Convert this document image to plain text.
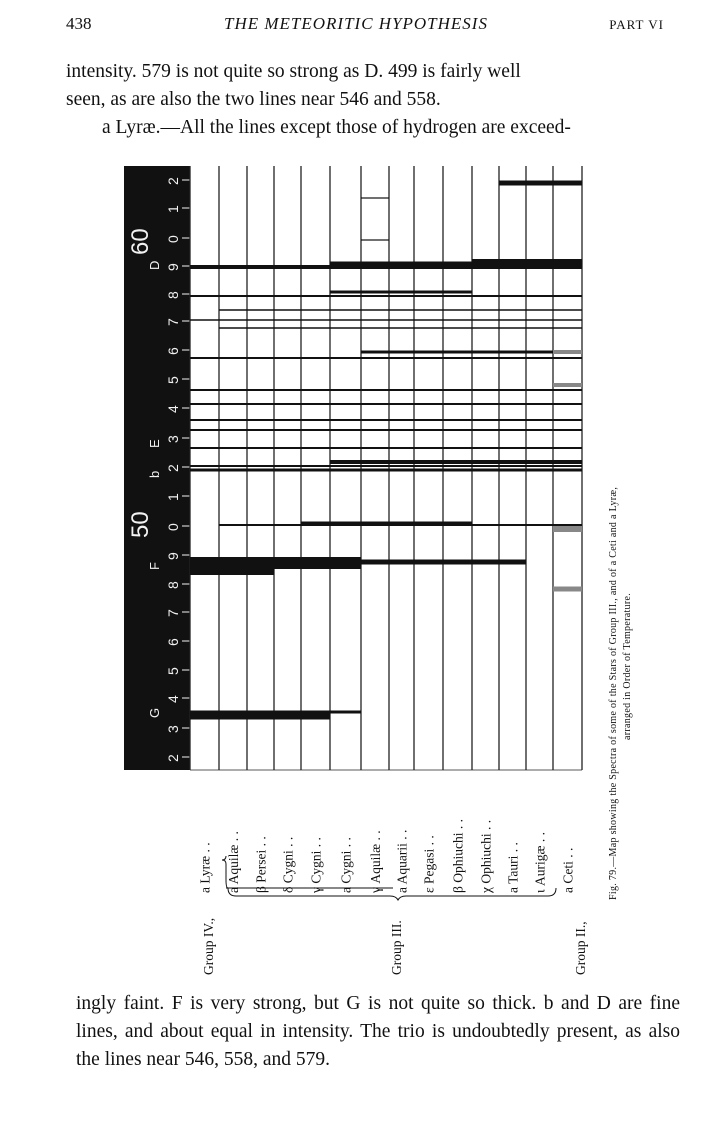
438	THE METEORITIC HYPOTHESIS	PART VI
intensity. 579 is not quite so strong as D. 499 is fairly well
seen, as are also the two lines near 546 and 558.
a Lyræ.—All the lines except those of hydrogen are exceed-
2
3
4
5
6
7
8
9
0
1
2
3
4
5
6
7
8
9
0
1
2
50
60
G
F
b
E
D
a Lyræ . . a Aquilæ . . β Persei . . δ Cygni . . γ Cygni . . a Cygni . . γ Aquilæ . . a Aquarii . . ε Pegasi . . β Ophiuchi . . χ Ophiuchi . . a Tauri . . ι Aurigæ . . a Ceti . .
Group IV.,	Group III.	Group II.,
Fig. 79.—Map showing the Spectra of some of the Stars of Group III., and of a Ceti and a Lyræ, arranged in Order of Temperature.
ingly faint. F is very strong, but G is not quite so thick. b and D are fine lines, and about equal in intensity. The trio is undoubtedly present, as also the lines near 546, 558, and 579.
